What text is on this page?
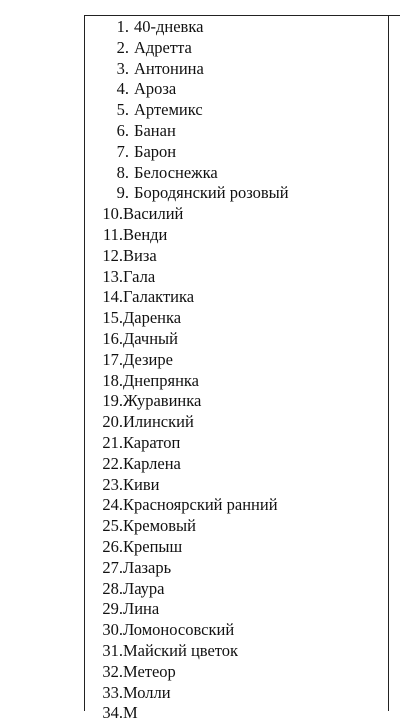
1. 40-дневка
2. Адретта
3. Антонина
4. Ароза
5. Артемикс
6. Банан
7. Барон
8. Белоснежка
9. Бородянский розовый
10. Василий
11. Венди
12. Виза
13. Гала
14. Галактика
15. Даренка
16. Дачный
17. Дезире
18. Днепрянка
19. Журавинка
20. Илинский
21. Каратоп
22. Карлена
23. Киви
24. Красноярский ранний
25. Кремовый
26. Крепыш
27. Лазарь
28. Лаура
29. Лина
30. Ломоносовский
31. Майский цветок
32. Метеор
33. Молли
34. М
